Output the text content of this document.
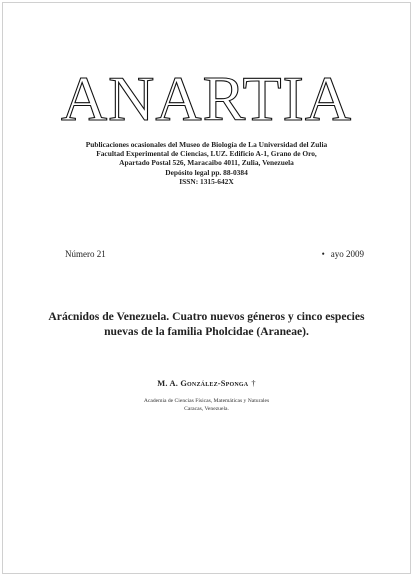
ANARTIA
Publicaciones ocasionales del Museo de Biología de La Universidad del Zulia
Facultad Experimental de Ciencias, LUZ. Edificio A-1, Grano de Oro,
Apartado Postal 526, Maracaibo 4011, Zulia, Venezuela
Depósito legal pp. 88-0384
ISSN: 1315-642X
Número 21	• ayo 2009
Arácnidos de Venezuela. Cuatro nuevos géneros y cinco especies
nuevas de la familia Pholcidae (Araneae).
M. A. González-Sponga †
Academia de Ciencias Físicas, Matemáticas y Naturales
Caracas, Venezuela.
